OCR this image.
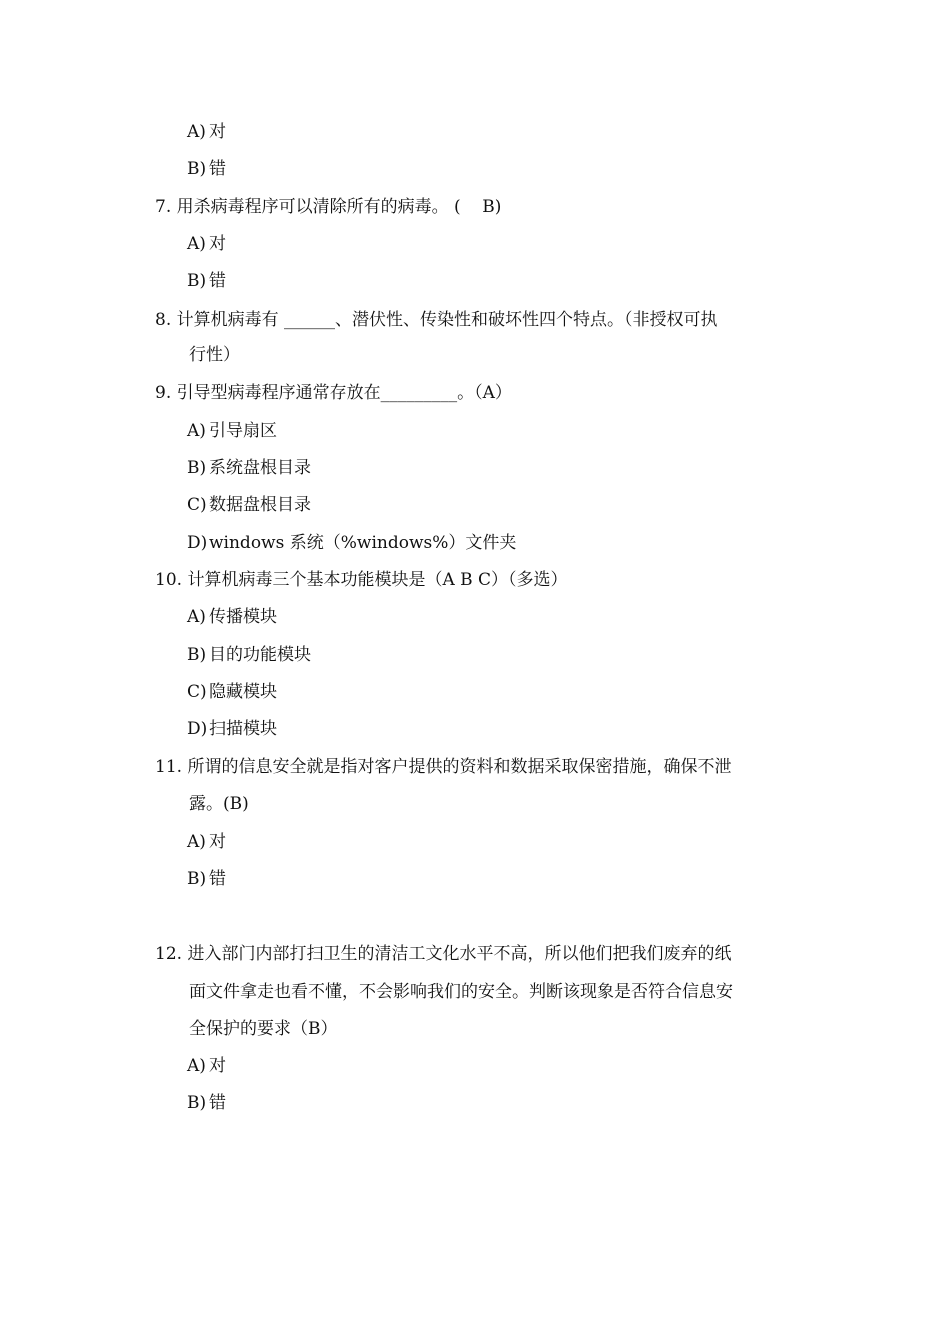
A) 对
B) 错
7. 用杀病毒程序可以清除所有的病毒。 (    B)
A) 对
B) 错
8. 计算机病毒有 ______、潜伏性、传染性和破坏性四个特点。（非授权可执
行性）
9. 引导型病毒程序通常存放在_________。（A）
A) 引导扇区
B) 系统盘根目录
C) 数据盘根目录
D) windows 系统（%windows%）文件夹
10. 计算机病毒三个基本功能模块是（A B C）（多选）
A) 传播模块
B) 目的功能模块
C) 隐藏模块
D) 扫描模块
11. 所谓的信息安全就是指对客户提供的资料和数据采取保密措施，确保不泄
露。(B)
A) 对
B) 错
12. 进入部门内部打扫卫生的清洁工文化水平不高，所以他们把我们废弃的纸
面文件拿走也看不懂，不会影响我们的安全。判断该现象是否符合信息安
全保护的要求（B）
A) 对
B) 错
